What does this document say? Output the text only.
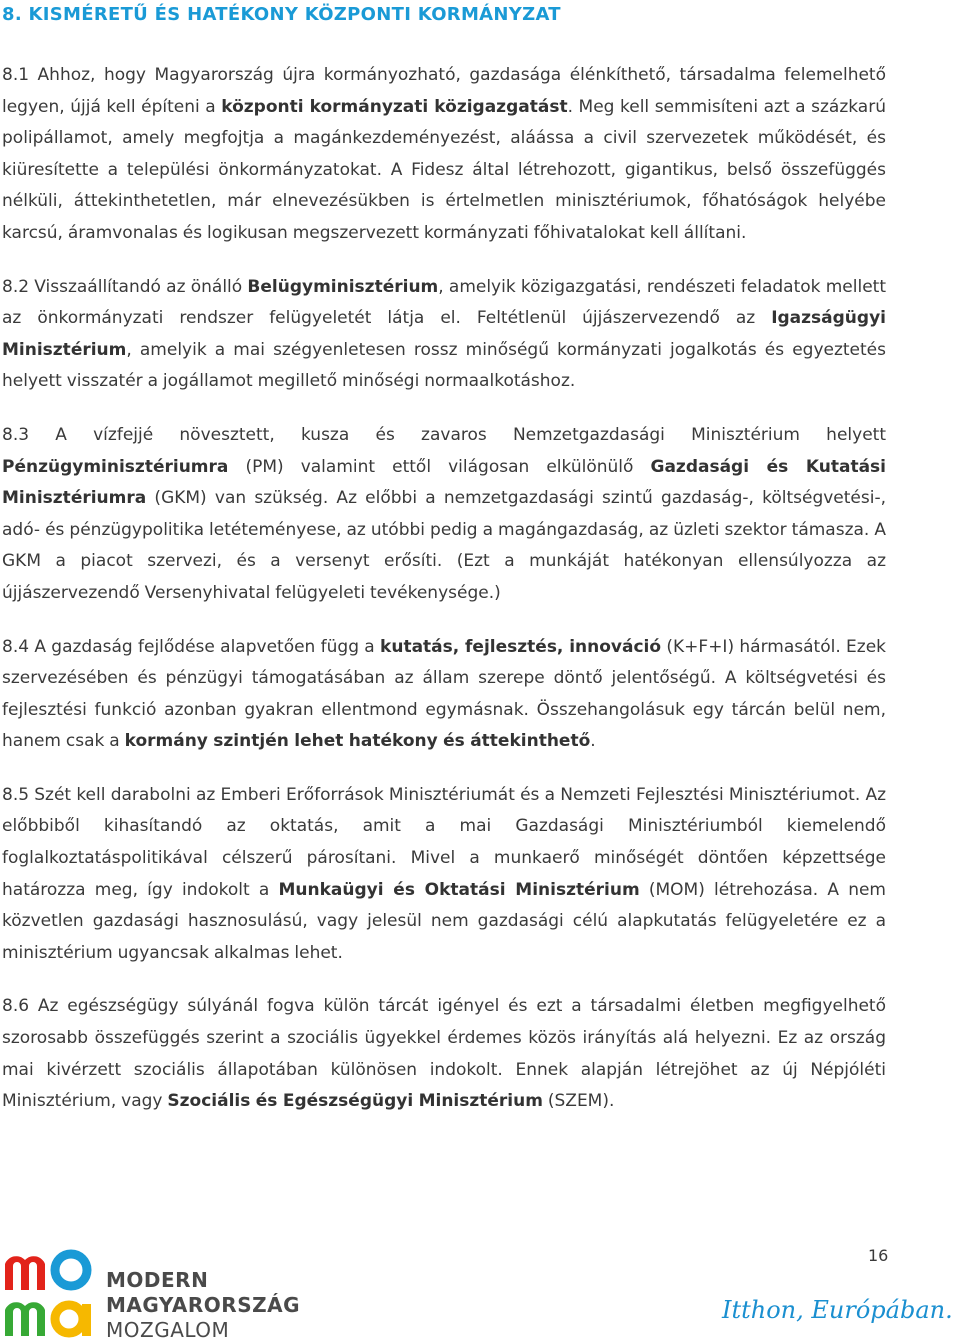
8. KISMÉRETŰ ÉS HATÉKONY KÖZPONTI KORMÁNYZAT

8.1 Ahhoz, hogy Magyarország újra kormányozható, gazdasága élénkíthető, társadalma felemelhető legyen, újjá kell építeni a központi kormányzati közigazgatást. Meg kell semmisíteni azt a százkarú polipállamot, amely megfojtja a magánkezdeményezést, aláássa a civil szervezetek működését, és kiüresítette a települési önkormányzatokat. A Fidesz által létrehozott, gigantikus, belső összefüggés nélküli, áttekinthetetlen, már elnevezésükben is értelmetlen minisztériumok, főhatóságok helyébe karcsú, áramvonalas és logikusan megszervezett kormányzati főhivatalokat kell állítani.

8.2 Visszaállítandó az önálló Belügyminisztérium, amelyik közigazgatási, rendészeti feladatok mellett az önkormányzati rendszer felügyeletét látja el. Feltétlenül újjászervezendő az Igazságügyi Minisztérium, amelyik a mai szégyenletesen rossz minőségű kormányzati jogalkotás és egyeztetés helyett visszatér a jogállamot megillető minőségi normaalkotáshoz.

8.3 A vízfejjé növesztett, kusza és zavaros Nemzetgazdasági Minisztérium helyett Pénzügyminisztériumra (PM) valamint ettől világosan elkülönülő Gazdasági és Kutatási Minisztériumra (GKM) van szükség. Az előbbi a nemzetgazdasági szintű gazdaság-, költségvetési-, adó- és pénzügypolitika letéteményese, az utóbbi pedig a magángazdaság, az üzleti szektor támasza. A GKM a piacot szervezi, és a versenyt erősíti. (Ezt a munkáját hatékonyan ellensúlyozza az újjászervezendő Versenyhivatal felügyeleti tevékenysége.)

8.4 A gazdaság fejlődése alapvetően függ a kutatás, fejlesztés, innováció (K+F+I) hármasától. Ezek szervezésében és pénzügyi támogatásában az állam szerepe döntő jelentőségű. A költségvetési és fejlesztési funkció azonban gyakran ellentmond egymásnak. Összehangolásuk egy tárcán belül nem, hanem csak a kormány szintjén lehet hatékony és áttekinthető.

8.5 Szét kell darabolni az Emberi Erőforrások Minisztériumát és a Nemzeti Fejlesztési Minisztériumot. Az előbbiből kihasítandó az oktatás, amit a mai Gazdasági Minisztériumból kiemelendő foglalkoztatáspolitikával célszerű párosítani. Mivel a munkaerő minőségét döntően képzettsége határozza meg, így indokolt a Munkaügyi és Oktatási Minisztérium (MOM) létrehozása. A nem közvetlen gazdasági hasznosulású, vagy jelesül nem gazdasági célú alapkutatás felügyeletére ez a minisztérium ugyancsak alkalmas lehet.

8.6 Az egészségügy súlyánál fogva külön tárcát igényel és ezt a társadalmi életben megfigyelhető szorosabb összefüggés szerint a szociális ügyekkel érdemes közös irányítás alá helyezni. Ez az ország mai kivérzett szociális állapotában különösen indokolt. Ennek alapján létrejöhet az új Népjóléti Minisztérium, vagy Szociális és Egészségügyi Minisztérium (SZEM).

16
MODERN
MAGYARORSZÁG
MOZGALOM
Itthon, Európában.
